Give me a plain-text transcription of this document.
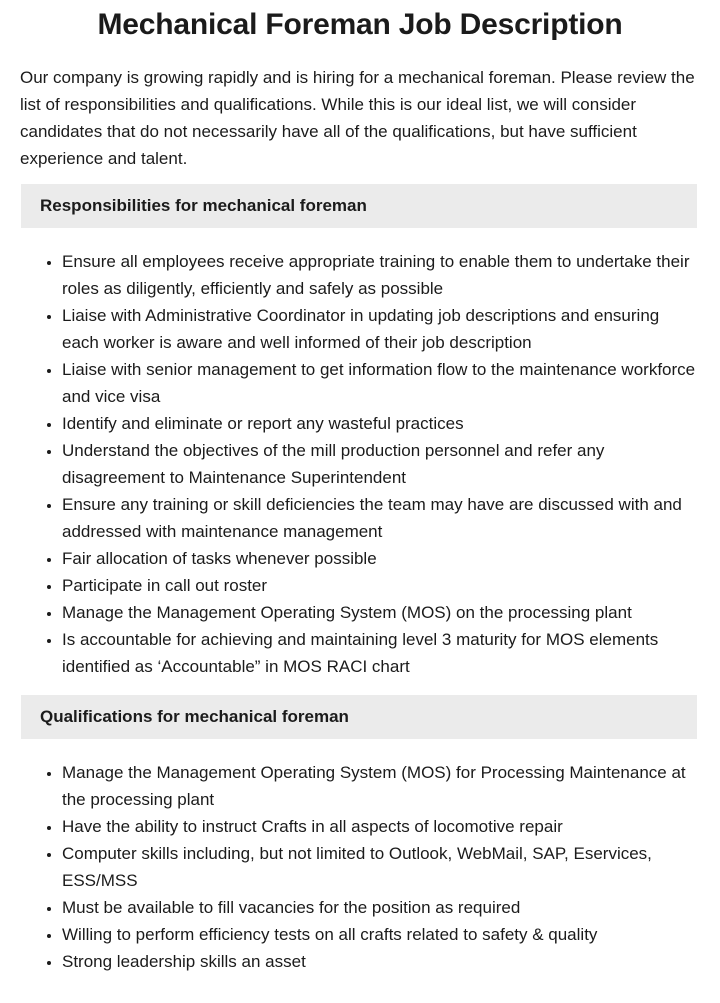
Mechanical Foreman Job Description

Our company is growing rapidly and is hiring for a mechanical foreman. Please review the list of responsibilities and qualifications. While this is our ideal list, we will consider candidates that do not necessarily have all of the qualifications, but have sufficient experience and talent.

Responsibilities for mechanical foreman
• Ensure all employees receive appropriate training to enable them to undertake their roles as diligently, efficiently and safely as possible
• Liaise with Administrative Coordinator in updating job descriptions and ensuring each worker is aware and well informed of their job description
• Liaise with senior management to get information flow to the maintenance workforce and vice visa
• Identify and eliminate or report any wasteful practices
• Understand the objectives of the mill production personnel and refer any disagreement to Maintenance Superintendent
• Ensure any training or skill deficiencies the team may have are discussed with and addressed with maintenance management
• Fair allocation of tasks whenever possible
• Participate in call out roster
• Manage the Management Operating System (MOS) on the processing plant
• Is accountable for achieving and maintaining level 3 maturity for MOS elements identified as ‘Accountable” in MOS RACI chart
Qualifications for mechanical foreman
• Manage the Management Operating System (MOS) for Processing Maintenance at the processing plant
• Have the ability to instruct Crafts in all aspects of locomotive repair
• Computer skills including, but not limited to Outlook, WebMail, SAP, Eservices, ESS/MSS
• Must be available to fill vacancies for the position as required
• Willing to perform efficiency tests on all crafts related to safety & quality
• Strong leadership skills an asset
